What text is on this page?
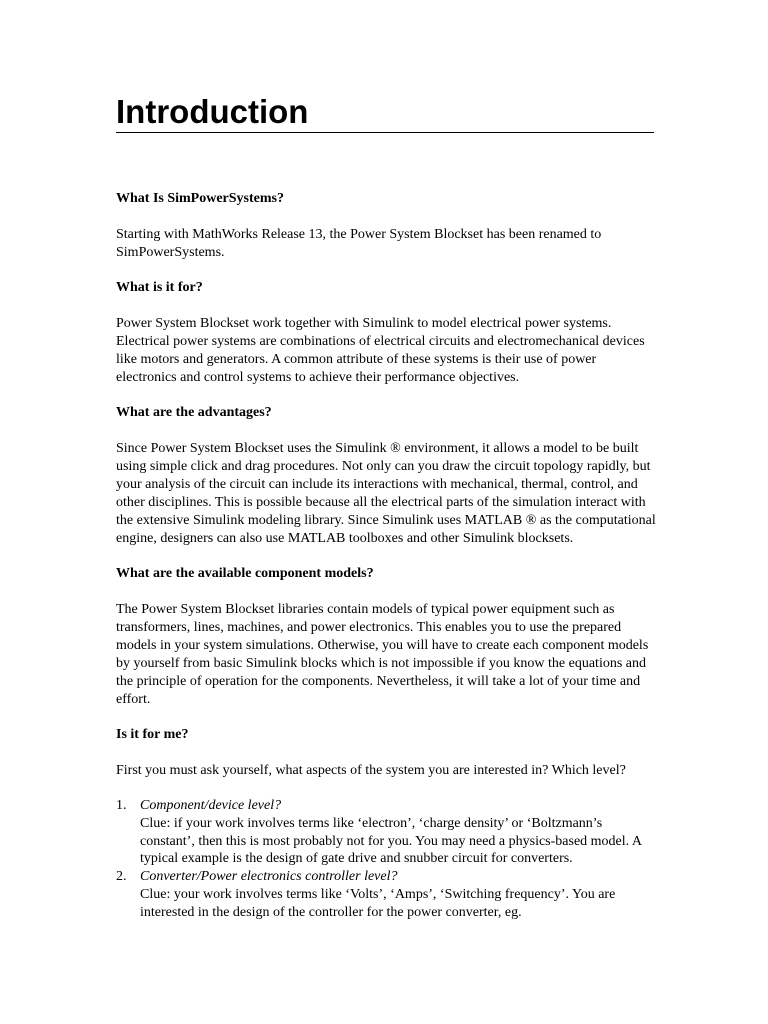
Introduction
What Is SimPowerSystems?

Starting with MathWorks Release 13, the Power System Blockset has been renamed to SimPowerSystems.

What is it for?

Power System Blockset work together with Simulink to model electrical power systems. Electrical power systems are combinations of electrical circuits and electromechanical devices like motors and generators. A common attribute of these systems is their use of power electronics and control systems to achieve their performance objectives.

What are the advantages?

Since Power System Blockset uses the Simulink ® environment, it allows a model to be built using simple click and drag procedures. Not only can you draw the circuit topology rapidly, but your analysis of the circuit can include its interactions with mechanical, thermal, control, and other disciplines. This is possible because all the electrical parts of the simulation interact with the extensive Simulink modeling library. Since Simulink uses MATLAB ® as the computational engine, designers can also use MATLAB toolboxes and other Simulink blocksets.

What are the available component models?

The Power System Blockset libraries contain models of typical power equipment such as transformers, lines, machines, and power electronics. This enables you to use the prepared models in your system simulations. Otherwise, you will have to create each component models by yourself from basic Simulink blocks which is not impossible if you know the equations and the principle of operation for the components. Nevertheless, it will take a lot of your time and effort.

Is it for me?

First you must ask yourself, what aspects of the system you are interested in? Which level?

1. Component/device level?
Clue: if your work involves terms like ‘electron’, ‘charge density’ or ‘Boltzmann’s constant’, then this is most probably not for you. You may need a physics-based model. A typical example is the design of gate drive and snubber circuit for converters.
2. Converter/Power electronics controller level?
Clue: your work involves terms like ‘Volts’, ‘Amps’, ‘Switching frequency’. You are interested in the design of the controller for the power converter, eg.
